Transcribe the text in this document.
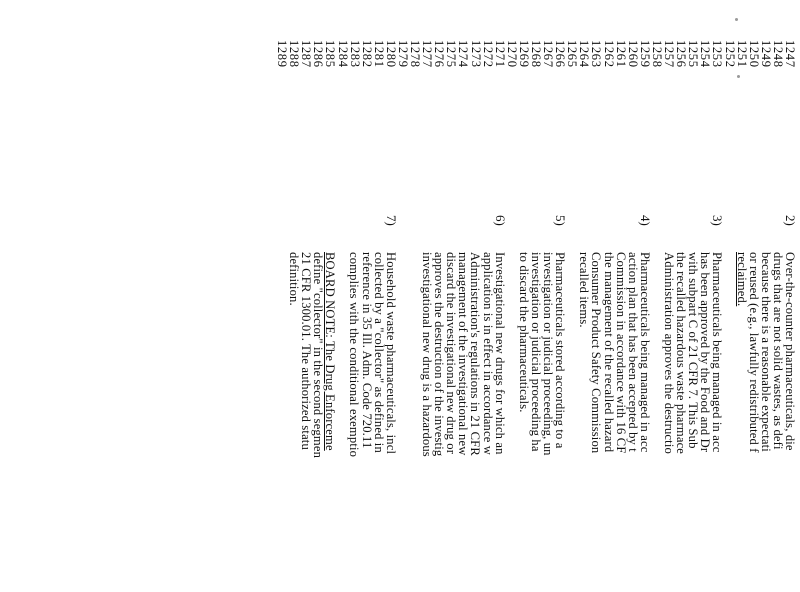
1247
1248
1249
1250
1251
1252
1253
1254
1255
1256
1257
1258
1259
1260
1261
1262
1263
1264
1265
1266
1267
1268
1269
1270
1271
1272
1273
1274
1275
1276
1277
1278
1279
1280
1281
1282
1283
1284
1285
1286
1287
1288
1289
2)

Over-the-counter pharmaceuticals, die

drugs that are not solid wastes, as defi

because there is a reasonable expectati

or reused (e.g., lawfully redistributed f

reclaimed.

3)

Pharmaceuticals being managed in acc

has been approved by the Food and Dr

with subpart C of 21 CFR 7. This Sub

the recalled hazardous waste pharmace

Administration approves the destructio

4)

Pharmaceuticals being managed in acc

action plan that has been accepted by t

Commission in accordance with 16 CF

the management of the recalled hazard

Consumer Product Safety Commission

recalled items.

5)

Pharmaceuticals stored according to a

investigation or judicial proceeding, un

investigation or judicial proceeding ha

to discard the pharmaceuticals.

6)

Investigational new drugs for which an

application is in effect in accordance w

Administration's regulations in 21 CFR

management of the investigational new

discard the investigational new drug or

approves the destruction of the investig

investigational new drug is a hazardous

7)

Household waste pharmaceuticals, incl

collected by a "collector" as defined in

reference in 35 Ill. Adm. Code 720.11

complies with the conditional exemptio

BOARD NOTE: The Drug Enforceme

define "collector" in the second segmen

21 CFR 1300.01. The authorized statu

definition.
